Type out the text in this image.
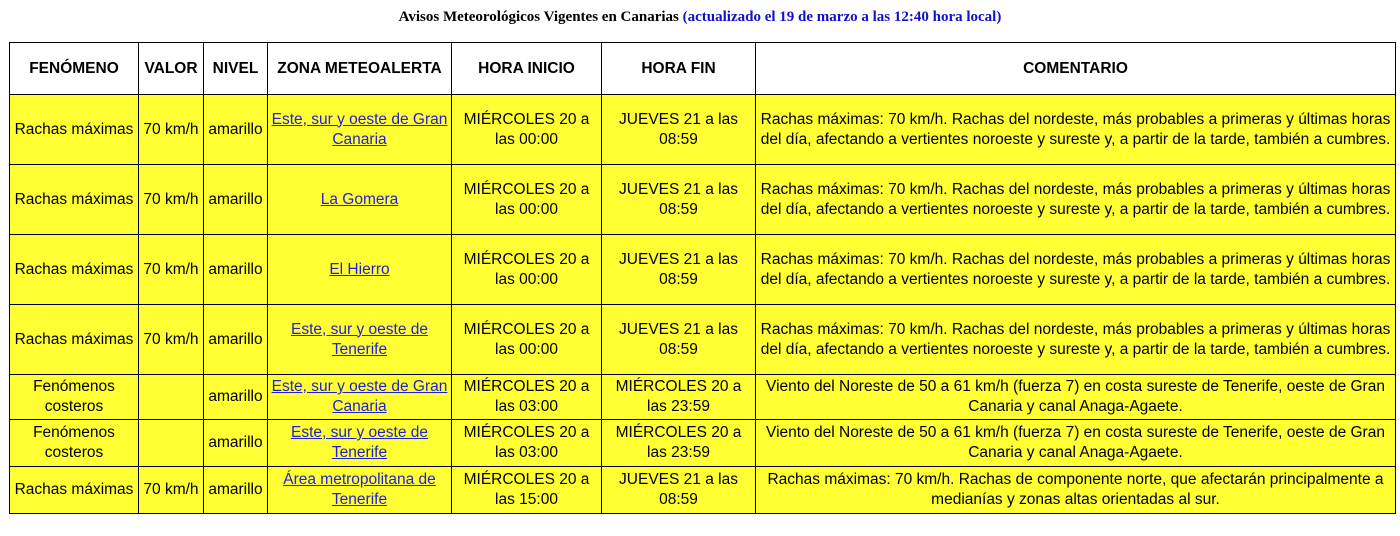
Avisos Meteorológicos Vigentes en Canarias (actualizado el 19 de marzo a las 12:40 hora local)
FENÓMENO	VALOR	NIVEL	ZONA METEOALERTA	HORA INICIO	HORA FIN	COMENTARIO
Rachas máximas	70 km/h	amarillo	Este, sur y oeste de Gran Canaria	MIÉRCOLES 20 a las 00:00	JUEVES 21 a las 08:59	Rachas máximas: 70 km/h. Rachas del nordeste, más probables a primeras y últimas horas del día, afectando a vertientes noroeste y sureste y, a partir de la tarde, también a cumbres.
Rachas máximas	70 km/h	amarillo	La Gomera	MIÉRCOLES 20 a las 00:00	JUEVES 21 a las 08:59	Rachas máximas: 70 km/h. Rachas del nordeste, más probables a primeras y últimas horas del día, afectando a vertientes noroeste y sureste y, a partir de la tarde, también a cumbres.
Rachas máximas	70 km/h	amarillo	El Hierro	MIÉRCOLES 20 a las 00:00	JUEVES 21 a las 08:59	Rachas máximas: 70 km/h. Rachas del nordeste, más probables a primeras y últimas horas del día, afectando a vertientes noroeste y sureste y, a partir de la tarde, también a cumbres.
Rachas máximas	70 km/h	amarillo	Este, sur y oeste de Tenerife	MIÉRCOLES 20 a las 00:00	JUEVES 21 a las 08:59	Rachas máximas: 70 km/h. Rachas del nordeste, más probables a primeras y últimas horas del día, afectando a vertientes noroeste y sureste y, a partir de la tarde, también a cumbres.
Fenómenos costeros		amarillo	Este, sur y oeste de Gran Canaria	MIÉRCOLES 20 a las 03:00	MIÉRCOLES 20 a las 23:59	Viento del Noreste de 50 a 61 km/h (fuerza 7) en costa sureste de Tenerife, oeste de Gran Canaria y canal Anaga-Agaete.
Fenómenos costeros		amarillo	Este, sur y oeste de Tenerife	MIÉRCOLES 20 a las 03:00	MIÉRCOLES 20 a las 23:59	Viento del Noreste de 50 a 61 km/h (fuerza 7) en costa sureste de Tenerife, oeste de Gran Canaria y canal Anaga-Agaete.
Rachas máximas	70 km/h	amarillo	Área metropolitana de Tenerife	MIÉRCOLES 20 a las 15:00	JUEVES 21 a las 08:59	Rachas máximas: 70 km/h. Rachas de componente norte, que afectarán principalmente a medianías y zonas altas orientadas al sur.
